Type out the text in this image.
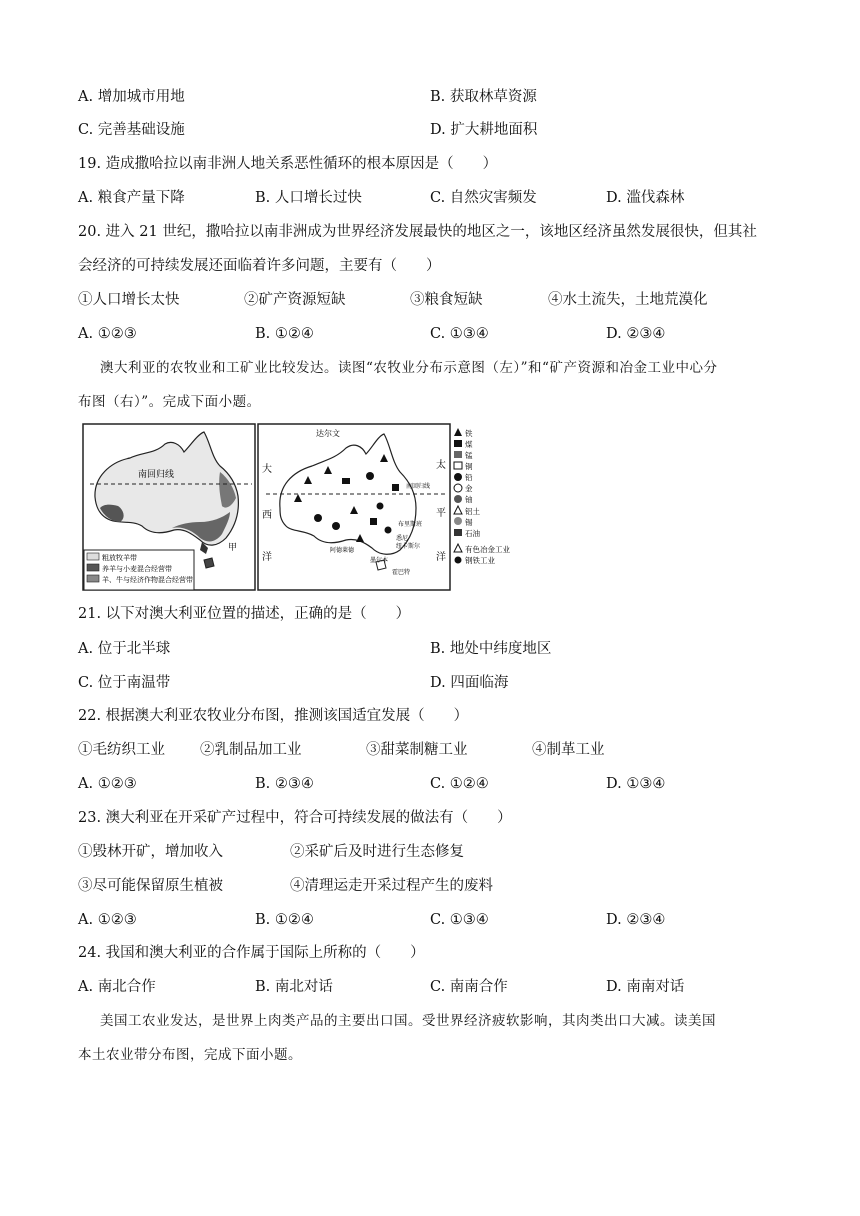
A. 增加城市用地	B. 获取林草资源
C. 完善基础设施	D. 扩大耕地面积
19. 造成撒哈拉以南非洲人地关系恶性循环的根本原因是（　　）
A. 粮食产量下降	B. 人口增长过快	C. 自然灾害频发	D. 滥伐森林
20. 进入 21 世纪，撒哈拉以南非洲成为世界经济发展最快的地区之一，该地区经济虽然发展很快，但其社
会经济的可持续发展还面临着许多问题，主要有（　　）
①人口增长太快	②矿产资源短缺	③粮食短缺	④水土流失，土地荒漠化
A. ①②③	B. ①②④	C. ①③④	D. ②③④
澳大利亚的农牧业和工矿业比较发达。读图“农牧业分布示意图（左）”和“矿产资源和冶金工业中心分
布图（右）”。完成下面小题。
南回归线
甲
粗放牧羊带
养羊与小麦混合经营带
羊、牛与经济作物混合经营带
达尔文
大
西
洋
太
平
洋
南回归线
布里斯班
悉尼
墨尔本
阿德莱德
霍巴特
纽卡斯尔
铁
煤
锰
铜
铅
金
铀
铝土
锡
石油
有色冶金工业
钢铁工业
21. 以下对澳大利亚位置的描述，正确的是（　　）
A. 位于北半球	B. 地处中纬度地区
C. 位于南温带	D. 四面临海
22. 根据澳大利亚农牧业分布图，推测该国适宜发展（　　）
①毛纺织工业 ②乳制品加工业	③甜菜制糖工业	④制革工业
A. ①②③	B. ②③④	C. ①②④	D. ①③④
23. 澳大利亚在开采矿产过程中，符合可持续发展的做法有（　　）
①毁林开矿，增加收入	②采矿后及时进行生态修复
③尽可能保留原生植被	④清理运走开采过程产生的废料
A. ①②③	B. ①②④	C. ①③④	D. ②③④
24. 我国和澳大利亚的合作属于国际上所称的（　　）
A. 南北合作	B. 南北对话	C. 南南合作	D. 南南对话
美国工农业发达，是世界上肉类产品的主要出口国。受世界经济疲软影响，其肉类出口大减。读美国
本土农业带分布图，完成下面小题。
